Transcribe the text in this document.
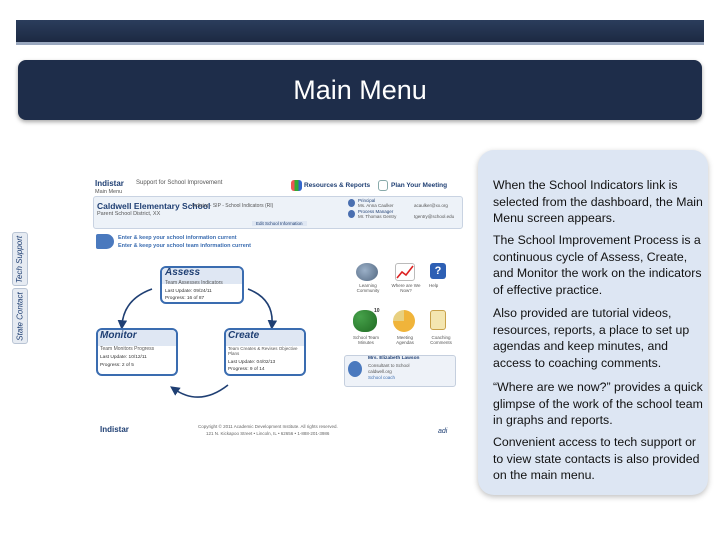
Main Menu
Indistar Support for School Improvement
Main Menu
Resources & Reports	Plan Your Meeting
Caldwell Elementary School
Indistar - SIP - School Indicators (RI)
Parent School District, XX
Principal
Ms. Anna Caulker	acaulker@xx.org
Process Manager
Mr. Thomas Gentry	tgentry@school.edu
Edit School Information
Enter & keep your school information current
Enter & keep your school team information current
Assess
Team Assesses Indicators
Last Update: 09/24/11
Progress: 16 of 87
Monitor
Team Monitors Progress
Last Update: 10/12/11
Progress: 2 of 5
Create
Team Creates & Revises Objective Plans
Last Update: 04/02/13
Progress: 9 of 14
Learning Community
Where are We Now?
?
Help
10
School Team Minutes
Meeting Agendas
Coaching Comments
Mrs. Elizabeth Lawson
Consultant to School
caldwell.org
School coach
Indistar	Copyright © 2011 Academic Development Institute. All rights reserved.
121 N. Kickapoo Street • Lincoln, IL • 62656 • 1-888-201-3986	adi
Tech Support
State Contact

When the School Indicators link is selected from the dashboard, the Main Menu screen appears.

The School Improvement Process is a continuous cycle of Assess, Create, and Monitor the work on the indicators of effective practice.

Also provided are tutorial videos, resources, reports, a place to set up agendas and keep minutes, and access to coaching comments.

“Where are we now?” provides a quick glimpse of the work of the school team in graphs and reports.

Convenient access to tech support or to view state contacts is also provided on the main menu.
